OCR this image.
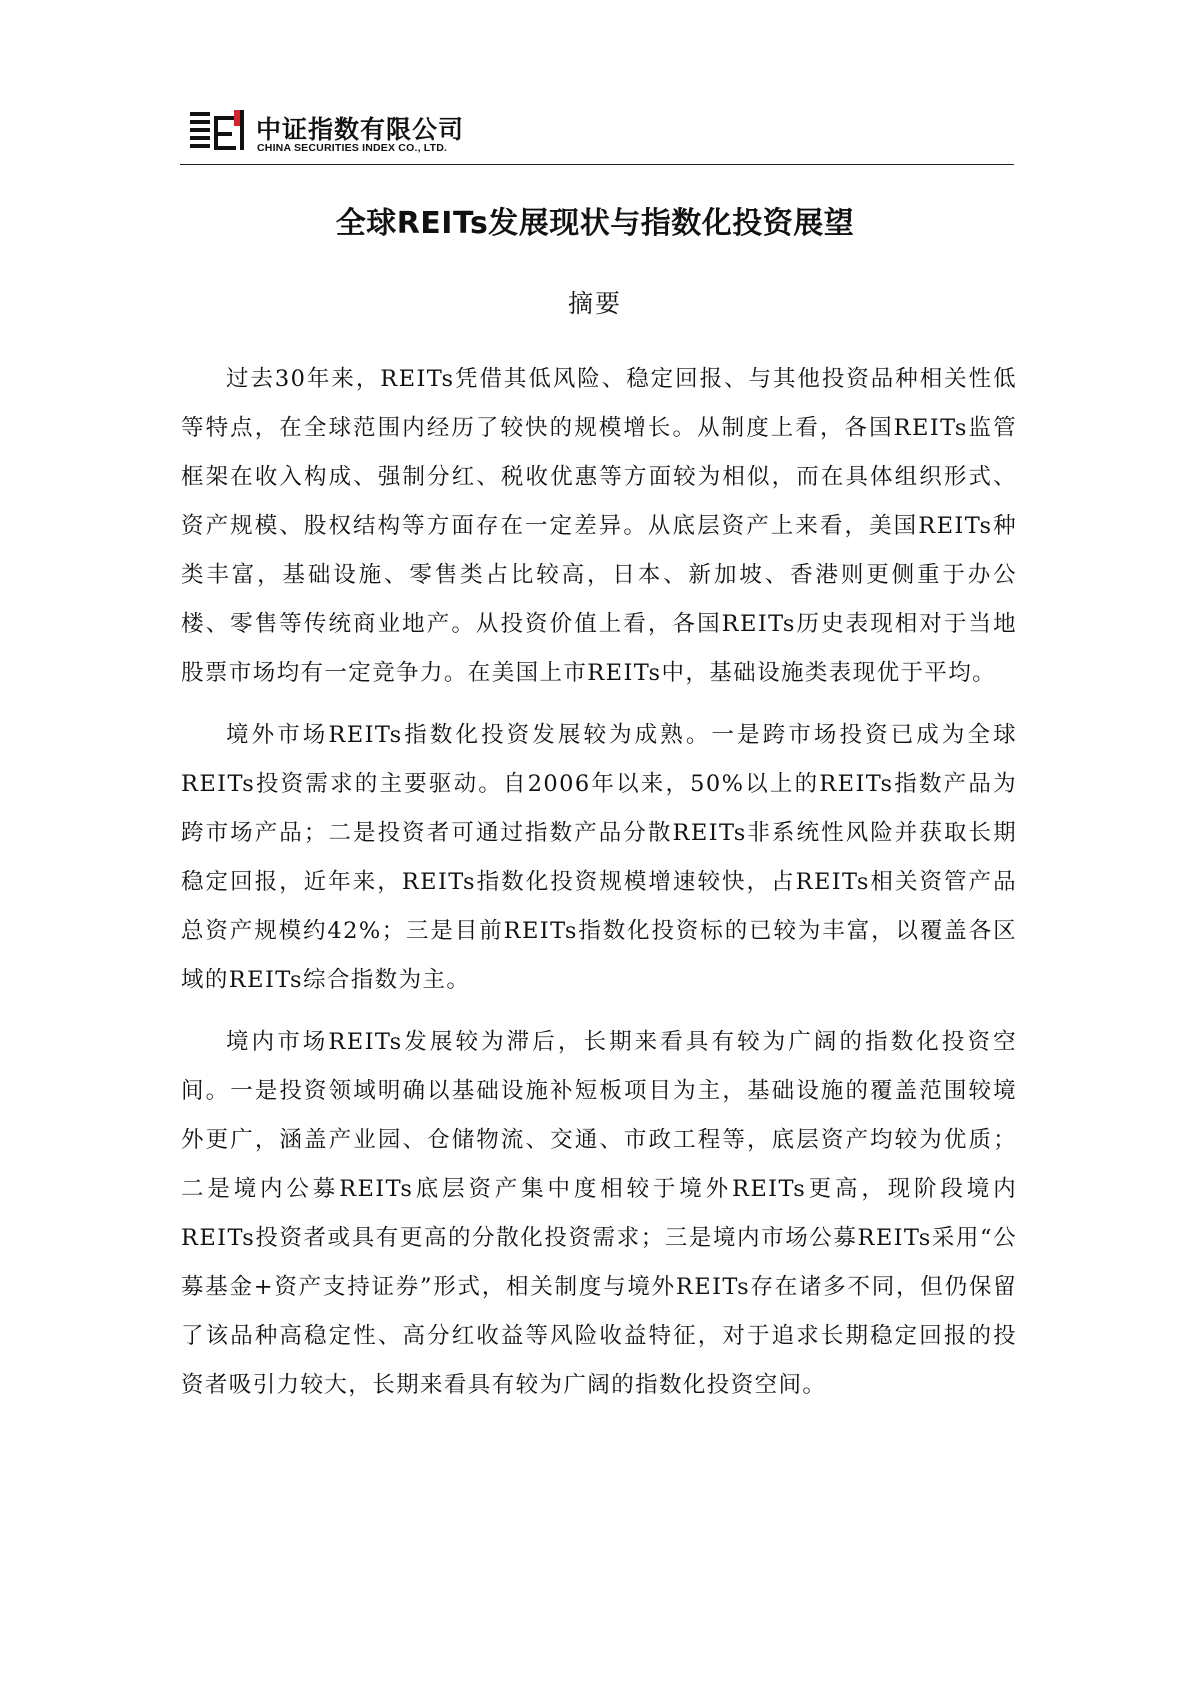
中证指数有限公司
CHINA SECURITIES INDEX CO., LTD.
全球REITs发展现状与指数化投资展望
摘要

过去30年来，REITs凭借其低风险、稳定回报、与其他投资品种相关性低等特点，在全球范围内经历了较快的规模增长。从制度上看，各国REITs监管框架在收入构成、强制分红、税收优惠等方面较为相似，而在具体组织形式、资产规模、股权结构等方面存在一定差异。从底层资产上来看，美国REITs种类丰富，基础设施、零售类占比较高，日本、新加坡、香港则更侧重于办公楼、零售等传统商业地产。从投资价值上看，各国REITs历史表现相对于当地股票市场均有一定竞争力。在美国上市REITs中，基础设施类表现优于平均。

境外市场REITs指数化投资发展较为成熟。一是跨市场投资已成为全球REITs投资需求的主要驱动。自2006年以来，50%以上的REITs指数产品为跨市场产品；二是投资者可通过指数产品分散REITs非系统性风险并获取长期稳定回报，近年来，REITs指数化投资规模增速较快，占REITs相关资管产品总资产规模约42%；三是目前REITs指数化投资标的已较为丰富，以覆盖各区域的REITs综合指数为主。

境内市场REITs发展较为滞后，长期来看具有较为广阔的指数化投资空间。一是投资领域明确以基础设施补短板项目为主，基础设施的覆盖范围较境外更广，涵盖产业园、仓储物流、交通、市政工程等，底层资产均较为优质；二是境内公募REITs底层资产集中度相较于境外REITs更高，现阶段境内REITs投资者或具有更高的分散化投资需求；三是境内市场公募REITs采用“公募基金+资产支持证券”形式，相关制度与境外REITs存在诸多不同，但仍保留了该品种高稳定性、高分红收益等风险收益特征，对于追求长期稳定回报的投资者吸引力较大，长期来看具有较为广阔的指数化投资空间。
